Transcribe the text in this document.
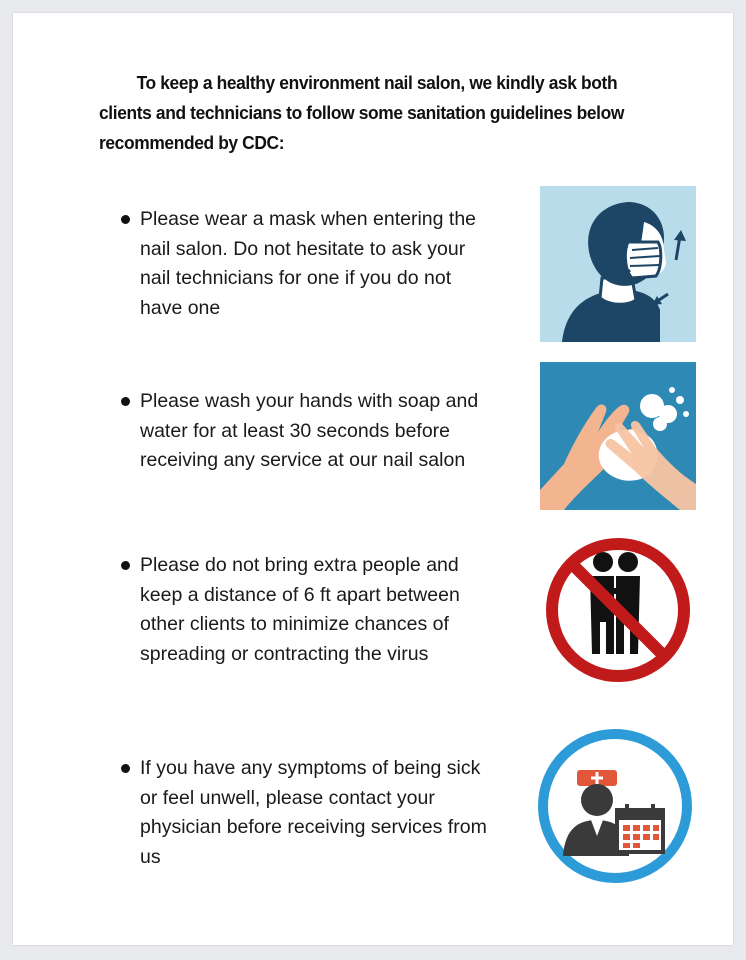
To keep a healthy environment nail salon, we kindly ask both clients and technicians to follow some sanitation guidelines below recommended by CDC:
Please wear a mask when entering the nail salon. Do not hesitate to ask your nail technicians for one if you do not have one
Please wash your hands with soap and water for at least 30 seconds before receiving any service at our nail salon
Please do not bring extra people and keep a distance of 6 ft apart between other clients to minimize chances of spreading or contracting the virus
If you have any symptoms of being sick or feel unwell, please contact your physician before receiving services from us
